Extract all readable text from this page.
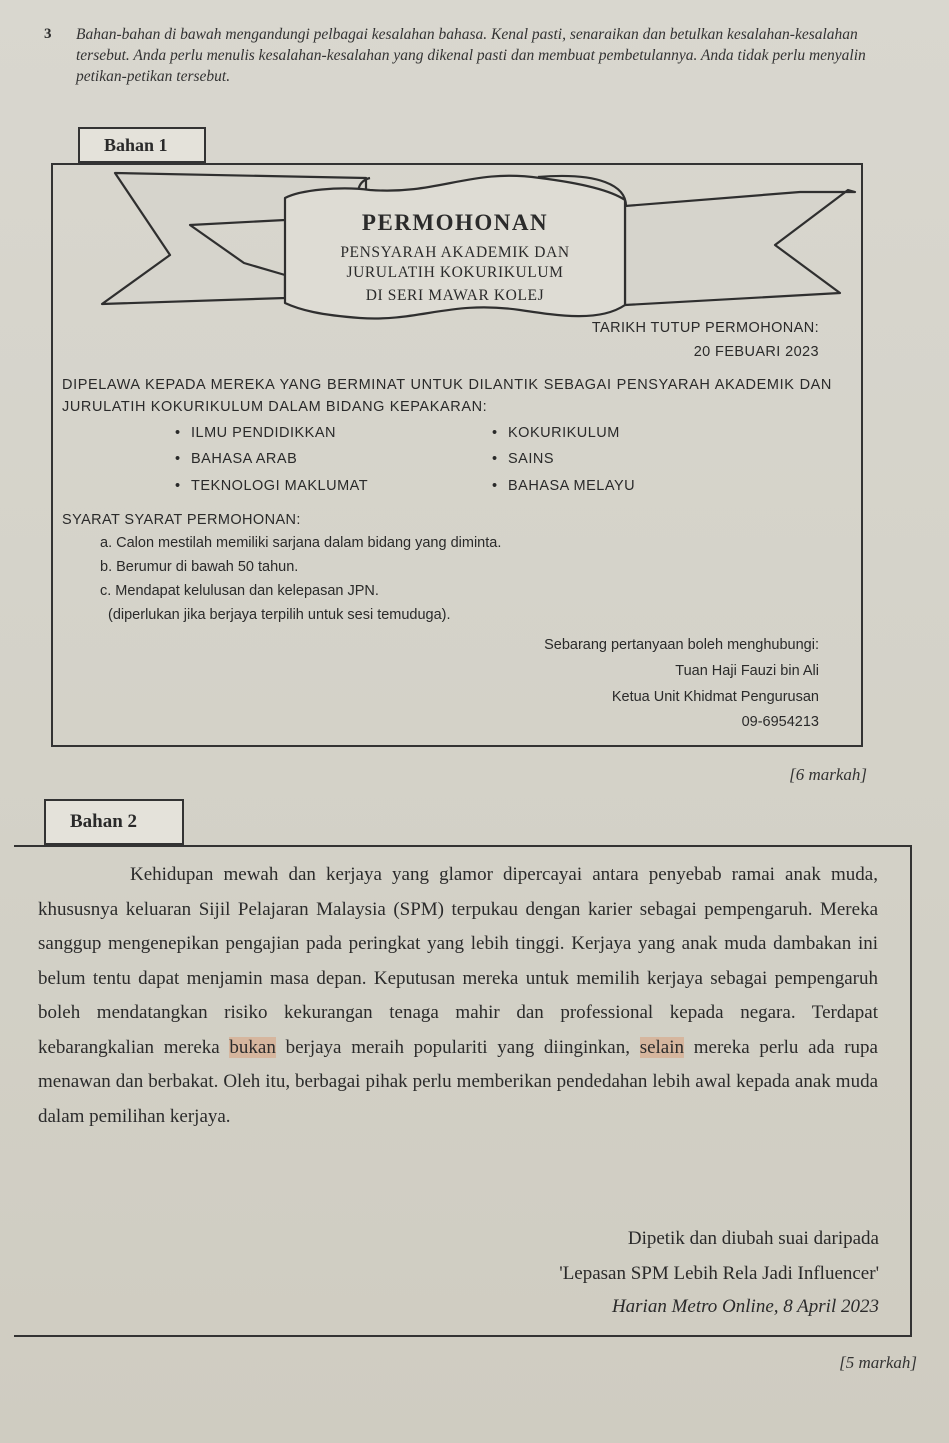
3 Bahan-bahan di bawah mengandungi pelbagai kesalahan bahasa. Kenal pasti, senaraikan dan betulkan kesalahan-kesalahan tersebut. Anda perlu menulis kesalahan-kesalahan yang dikenal pasti dan membuat pembetulannya. Anda tidak perlu menyalin petikan-petikan tersebut.
Bahan 1
PERMOHONAN
PENSYARAH AKADEMIK DAN
JURULATIH KOKURIKULUM
DI SERI MAWAR KOLEJ
TARIKH TUTUP PERMOHONAN:
20 FEBUARI 2023
DIPELAWA KEPADA MEREKA YANG BERMINAT UNTUK DILANTIK SEBAGAI PENSYARAH AKADEMIK DAN JURULATIH KOKURIKULUM DALAM BIDANG KEPAKARAN:
• ILMU PENDIDIKKAN	• KOKURIKULUM
• BAHASA ARAB	• SAINS
• TEKNOLOGI MAKLUMAT	• BAHASA MELAYU
SYARAT SYARAT PERMOHONAN:
a. Calon mestilah memiliki sarjana dalam bidang yang diminta.
b. Berumur di bawah 50 tahun.
c. Mendapat kelulusan dan kelepasan JPN.
(diperlukan jika berjaya terpilih untuk sesi temuduga).
Sebarang pertanyaan boleh menghubungi:
Tuan Haji Fauzi bin Ali
Ketua Unit Khidmat Pengurusan
09-6954213
[6 markah]
Bahan 2
Kehidupan mewah dan kerjaya yang glamor dipercayai antara penyebab ramai anak muda, khususnya keluaran Sijil Pelajaran Malaysia (SPM) terpukau dengan karier sebagai pempengaruh. Mereka sanggup mengenepikan pengajian pada peringkat yang lebih tinggi. Kerjaya yang anak muda dambakan ini belum tentu dapat menjamin masa depan. Keputusan mereka untuk memilih kerjaya sebagai pempengaruh boleh mendatangkan risiko kekurangan tenaga mahir dan professional kepada negara. Terdapat kebarangkalian mereka bukan berjaya meraih populariti yang diinginkan, selain mereka perlu ada rupa menawan dan berbakat. Oleh itu, berbagai pihak perlu memberikan pendedahan lebih awal kepada anak muda dalam pemilihan kerjaya.
Dipetik dan diubah suai daripada
'Lepasan SPM Lebih Rela Jadi Influencer'
Harian Metro Online, 8 April 2023
[5 markah]
